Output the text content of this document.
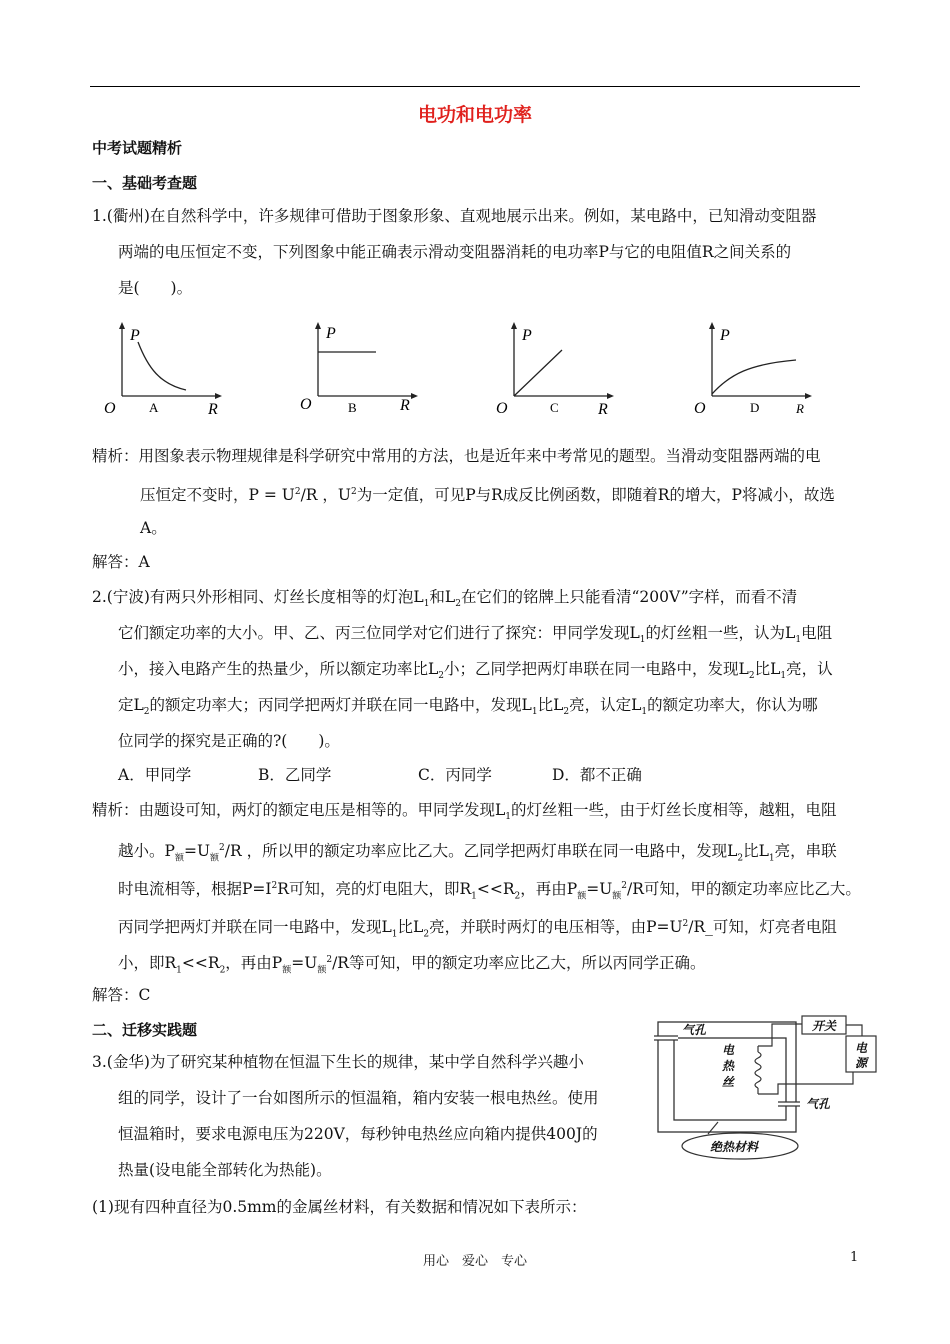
电功和电功率
中考试题精析
一、基础考查题
1.(衢州)在自然科学中，许多规律可借助于图象形象、直观地展示出来。例如，某电路中，已知滑动变阻器
两端的电压恒定不变，下列图象中能正确表示滑动变阻器消耗的电功率P与它的电阻值R之间关系的
是(　　)。
P
O	R
A
P
O	R
B
P
O	R
C
P
O	R
D
精析：用图象表示物理规律是科学研究中常用的方法，也是近年来中考常见的题型。当滑动变阻器两端的电
压恒定不变时，$P = U^2/R$ ，$U^2$为一定值，可见P与R成反比例函数，即随着R的增大，P将减小，故选
A。
解答：A
2.(宁波)有两只外形相同、灯丝长度相等的灯泡$L_1$和$L_2$在它们的铭牌上只能看清“200V”字样，而看不清
它们额定功率的大小。甲、乙、丙三位同学对它们进行了探究：甲同学发现$L_1$的灯丝粗一些，认为$L_1$电阻
小，接入电路产生的热量少，所以额定功率比$L_2$小；乙同学把两灯串联在同一电路中，发现$L_2$比$L_1$亮，认
定$L_2$的额定功率大；丙同学把两灯并联在同一电路中，发现$L_1$比$L_2$亮，认定$L_1$的额定功率大，你认为哪
位同学的探究是正确的?(　　)。
A．甲同学	B．乙同学	C．丙同学	D．都不正确
精析：由题设可知，两灯的额定电压是相等的。甲同学发现$L_1$的灯丝粗一些，由于灯丝长度相等，越粗，电阻
越小。$P_额=U_额^2/R$ ，所以甲的额定功率应比乙大。乙同学把两灯串联在同一电路中，发现$L_2$比$L_1$亮，串联
时电流相等，根据$P=I^2R$可知，亮的灯电阻大，即$R_1<<R_2$，再由$P_额=U_额^2/R$可知，甲的额定功率应比乙大。
丙同学把两灯并联在同一电路中，发现$L_1$比$L_2$亮，并联时两灯的电压相等，由$P=U^2/R\_$可知，灯亮者电阻
小，即$R_1<<R_2$，再由$P_额=U_额^2/R$等可知，甲的额定功率应比乙大，所以丙同学正确。
解答：C
二、迁移实践题
3.(金华)为了研究某种植物在恒温下生长的规律，某中学自然科学兴趣小
组的同学，设计了一台如图所示的恒温箱，箱内安装一根电热丝。使用
恒温箱时，要求电源电压为220V，每秒钟电热丝应向箱内提供400J的
热量(设电能全部转化为热能)。
(1)现有四种直径为0.5mm的金属丝材料，有关数据和情况如下表所示：
气孔
气孔
电
热
丝
开关
电
源
绝热材料
用心　爱心　专心	1
